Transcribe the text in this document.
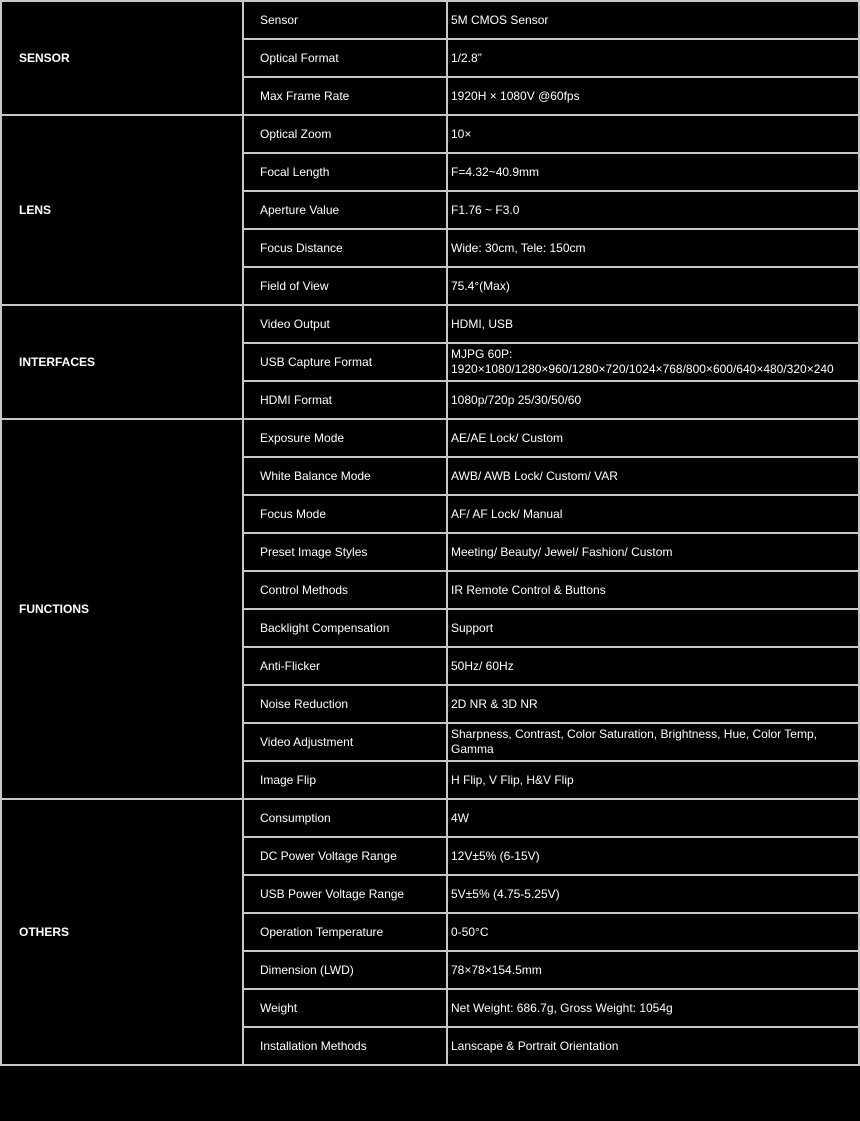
SENSOR	Sensor	5M CMOS Sensor
	Optical Format	1/2.8”
	Max Frame Rate	1920H × 1080V @60fps
LENS	Optical Zoom	10×
	Focal Length	F=4.32~40.9mm
	Aperture Value	F1.76 ~ F3.0
	Focus Distance	Wide: 30cm, Tele: 150cm
	Field of View	75.4°(Max)
INTERFACES	Video Output	HDMI, USB
	USB Capture Format	MJPG 60P: 1920×1080/1280×960/1280×720/1024×768/800×600/640×480/320×240
	HDMI Format	1080p/720p 25/30/50/60
FUNCTIONS	Exposure Mode	AE/AE Lock/ Custom
	White Balance Mode	AWB/ AWB Lock/ Custom/ VAR
	Focus Mode	AF/ AF Lock/ Manual
	Preset Image Styles	Meeting/ Beauty/ Jewel/ Fashion/ Custom
	Control Methods	IR Remote Control & Buttons
	Backlight Compensation	Support
	Anti-Flicker	50Hz/ 60Hz
	Noise Reduction	2D NR & 3D NR
	Video Adjustment	Sharpness, Contrast, Color Saturation, Brightness, Hue, Color Temp, Gamma
	Image Flip	H Flip, V Flip, H&V Flip
OTHERS	Consumption	4W
	DC Power Voltage Range	12V±5% (6-15V)
	USB Power Voltage Range	5V±5% (4.75-5.25V)
	Operation Temperature	0-50°C
	Dimension (LWD)	78×78×154.5mm
	Weight	Net Weight: 686.7g, Gross Weight: 1054g
	Installation Methods	Lanscape & Portrait Orientation
